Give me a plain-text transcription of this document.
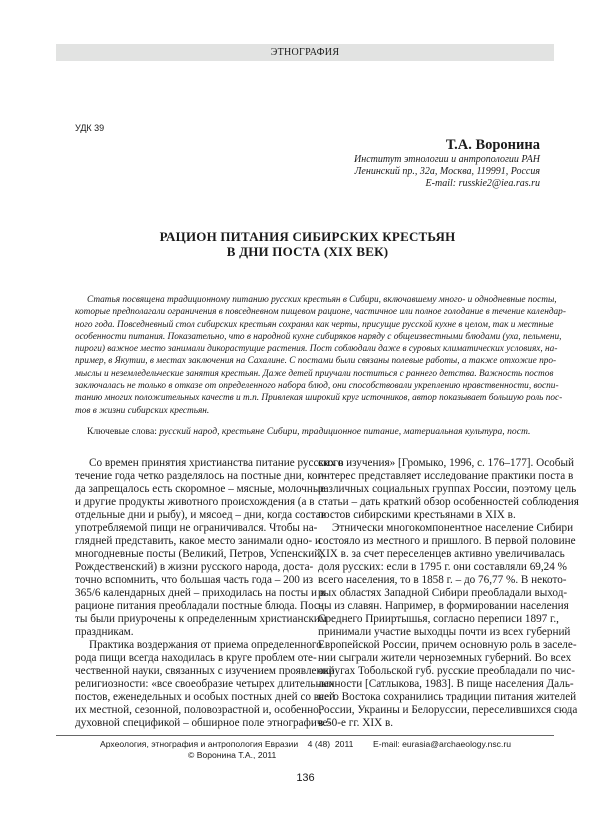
ЭТНОГРАФИЯ
УДК 39
Т.А. Воронина
Институт этнологии и антропологии РАН
Ленинский пр., 32а, Москва, 119991, Россия
E-mail: russkie2@iea.ras.ru
РАЦИОН ПИТАНИЯ СИБИРСКИХ КРЕСТЬЯН
В ДНИ ПОСТА (XIX ВЕК)
Статья посвящена традиционному питанию русских крестьян в Сибири, включавшему много- и однодневные посты,
которые предполагали ограничения в повседневном пищевом рационе, частичное или полное голодание в течение календар-
ного года. Повседневный стол сибирских крестьян сохранял как черты, присущие русской кухне в целом, так и местные
особенности питания. Показательно, что в народной кухне сибиряков наряду с общеизвестными блюдами (уха, пельмени,
пироги) важное место занимали дикорастущие растения. Пост соблюдали даже в суровых климатических условиях, на-
пример, в Якутии, в местах заключения на Сахалине. С постами были связаны полевые работы, а также отхожие про-
мыслы и неземледельческие занятия крестьян. Даже детей приучали поститься с раннего детства. Важность постов
заключалась не только в отказе от определенного набора блюд, они способствовали укреплению нравственности, воспи-
танию многих положительных качеств и т.п. Привлекая широкий круг источников, автор показывает большую роль пос-
тов в жизни сибирских крестьян.
Ключевые слова: русский народ, крестьяне Сибири, традиционное питание, материальная культура, пост.
Со времен принятия христианства питание русских в
течение года четко разделялось на постные дни, ког-
да запрещалось есть скоромное – мясные, молочные
и другие продукты животного происхождения (а в
отдельные дни и рыбу), и мясоед – дни, когда состав
употребляемой пищи не ограничивался. Чтобы на-
глядней представить, какое место занимали одно- и
многодневные посты (Великий, Петров, Успенский,
Рождественский) в жизни русского народа, доста-
точно вспомнить, что большая часть года – 200 из
365/6 календарных дней – приходилась на посты и в
рационе питания преобладали постные блюда. Пос-
ты были приурочены к определенным христианским
праздникам.
Практика воздержания от приема определенного
рода пищи всегда находилась в круге проблем оте-
чественной науки, связанных с изучением проявлений
религиозности: «все своеобразие четырех длительных
постов, еженедельных и особых постных дней со всей
их местной, сезонной, половозрастной и, особенно,
духовной спецификой – обширное поле этнографиче-
ского изучения» [Громыко, 1996, с. 176–177]. Особый
интерес представляет исследование практики поста в
различных социальных группах России, поэтому цель
статьи – дать краткий обзор особенностей соблюдения
постов сибирскими крестьянами в XIX в.
Этнически многокомпонентное население Сибири
состояло из местного и пришлого. В первой половине
XIX в. за счет переселенцев активно увеличивалась
доля русских: если в 1795 г. они составляли 69,24 %
всего населения, то в 1858 г. – до 76,77 %. В некото-
рых областях Западной Сибири преобладали выход-
цы из славян. Например, в формировании населения
Среднего Прииртышья, согласно переписи 1897 г.,
принимали участие выходцы почти из всех губерний
Европейской России, причем основную роль в заселе-
нии сыграли жители черноземных губерний. Во всех
округах Тобольской губ. русские преобладали по чис-
ленности [Сатлыкова, 1983]. В пище населения Даль-
него Востока сохранились традиции питания жителей
России, Украины и Белоруссии, переселившихся сюда
в 50-е гг. XIX в.
Археология, этнография и антропология Евразии    4 (48)  2011 E-mail: eurasia@archaeology.nsc.ru
© Воронина Т.А., 2011
136
